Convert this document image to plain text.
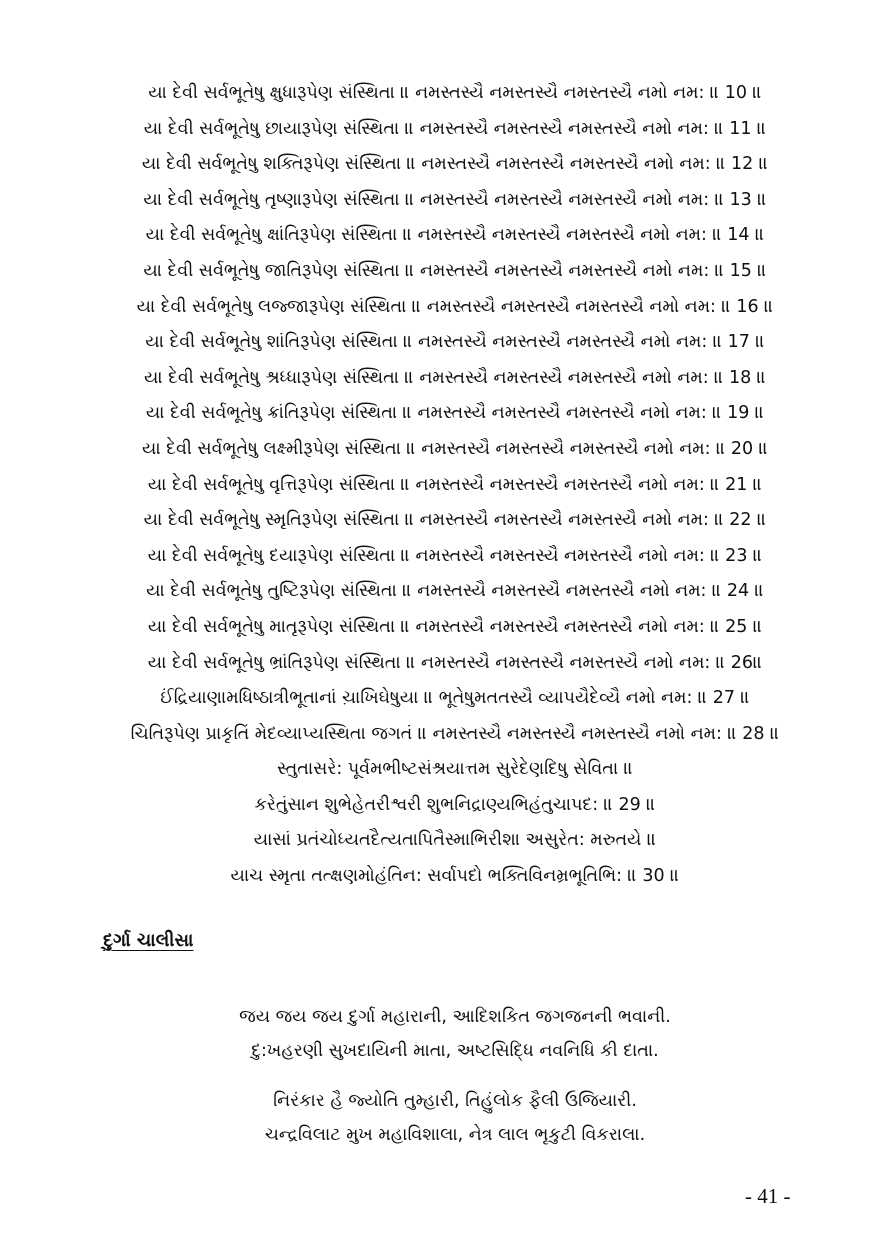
યા દેવી સર્વભૂતેષુ ક્ષુધારૂપેણ સંસ્થિતા ॥ નમસ્તસ્યૈ નમસ્તસ્યૈ નમસ્તસ્યૈ નમો નમ: ॥ 10 ॥
યા દેવી સર્વભૂતેષુ છાયારૂપેણ સંસ્થિતા ॥ નમસ્તસ્યૈ નમસ્તસ્યૈ નમસ્તસ્યૈ નમો નમ: ॥ 11 ॥
યા દેવી સર્વભૂતેષુ શક્તિરૂપેણ સંસ્થિતા ॥ નમસ્તસ્યૈ નમસ્તસ્યૈ નમસ્તસ્યૈ નમો નમ: ॥ 12 ॥
યા દેવી સર્વભૂતેષુ તૃષ્ણારૂપેણ સંસ્થિતા ॥ નમસ્તસ્યૈ નમસ્તસ્યૈ નમસ્તસ્યૈ નમો નમ: ॥ 13 ॥
યા દેવી સર્વભૂતેષુ ક્ષાંતિરૂપેણ સંસ્થિતા ॥ નમસ્તસ્યૈ નમસ્તસ્યૈ નમસ્તસ્યૈ નમો નમ: ॥ 14 ॥
યા દેવી સર્વભૂતેષુ જાતિરૂપેણ સંસ્થિતા ॥ નમસ્તસ્યૈ નમસ્તસ્યૈ નમસ્તસ્યૈ નમો નમ: ॥ 15 ॥
યા દેવી સર્વભૂતેષુ લજ્જારૂપેણ સંસ્થિતા ॥ નમસ્તસ્યૈ નમસ્તસ્યૈ નમસ્તસ્યૈ નમો નમ: ॥ 16 ॥
યા દેવી સર્વભૂતેષુ શાંતિરૂપેણ સંસ્થિતા ॥ નમસ્તસ્યૈ નમસ્તસ્યૈ નમસ્તસ્યૈ નમો નમ: ॥ 17 ॥
યા દેવી સર્વભૂતેષુ શ્રધ્ધારૂપેણ સંસ્થિતા ॥ નમસ્તસ્યૈ નમસ્તસ્યૈ નમસ્તસ્યૈ નમો નમ: ॥ 18 ॥
યા દેવી સર્વભૂતેષુ ક્રાંતિરૂપેણ સંસ્થિતા ॥ નમસ્તસ્યૈ નમસ્તસ્યૈ નમસ્તસ્યૈ નમો નમ: ॥ 19 ॥
યા દેવી સર્વભૂતેષુ લક્ષ્મીરૂપેણ સંસ્થિતા ॥ નમસ્તસ્યૈ નમસ્તસ્યૈ નમસ્તસ્યૈ નમો નમ: ॥ 20 ॥
યા દેવી સર્વભૂતેષુ વૃત્તિરૂપેણ સંસ્થિતા ॥ નમસ્તસ્યૈ નમસ્તસ્યૈ નમસ્તસ્યૈ નમો નમ: ॥ 21 ॥
યા દેવી સર્વભૂતેષુ સ્મૃતિરૂપેણ સંસ્થિતા ॥ નમસ્તસ્યૈ નમસ્તસ્યૈ નમસ્તસ્યૈ નમો નમ: ॥ 22 ॥
યા દેવી સર્વભૂતેષુ દયારૂપેણ સંસ્થિતા ॥ નમસ્તસ્યૈ નમસ્તસ્યૈ નમસ્તસ્યૈ નમો નમ: ॥ 23 ॥
યા દેવી સર્વભૂતેષુ તુષ્ટિરૂપેણ સંસ્થિતા ॥ નમસ્તસ્યૈ નમસ્તસ્યૈ નમસ્તસ્યૈ નમો નમ: ॥ 24 ॥
યા દેવી સર્વભૂતેષુ માતૃરૂપેણ સંસ્થિતા ॥ નમસ્તસ્યૈ નમસ્તસ્યૈ નમસ્તસ્યૈ નમો નમ: ॥ 25 ॥
યા દેવી સર્વભૂતેષુ ભ્રાંતિરૂપેણ સંસ્થિતા ॥ નમસ્તસ્યૈ નમસ્તસ્યૈ નમસ્તસ્યૈ નમો નમ: ॥ 26॥
ઈંદ્રિયાણામધિષ્ઠાત્રીભૂતાનાં ચાખિ઼ઘેષુયા ॥ ભૂતેષુમતતસ્યૈ વ્યાપયૈદેવ્યૈ નમો નમ: ॥ 27 ॥
ચિતિરૂપેણ પ્રાકૃતિં મેદવ્યાપ્યસ્થિતા જગતં ॥ નમસ્તસ્યૈ નમસ્તસ્યૈ નમસ્તસ્યૈ નમો નમ: ॥ 28 ॥
સ્તુતાસરે: પૂર્વમભીષ્ટસંશ્રયાત્તમ સુરેદેણદિષુ સેવિતા ॥
કરેતુંસાન શુભેહેતરીશ્વરી શુભનિદ્રાણ્યભિહંતુચાપદ: ॥ 29 ॥
યાસાં પ્રતંચોધ્યતદૈત્યતાપિતૈસ્માભિરીશા અસુરેત: મરુતયે ॥
યાચ સ્મૃતા તત્ક્ષણમોહંતિન: સર્વાપદો ભક્તિવિનમ્રભૂતિભિ: ॥ 30 ॥
દુર્ગા ચાલીસા
જય જય જય દુર્ગા મહારાની, આદિશકિત જગજનની ભવાની.
દુ:ખહરણી સુખદાયિની માતા, અષ્ટસિદ્ધિ નવનિધિ કી દાતા.
નિરંકાર હૈ જ્યોતિ તુમ્હારી, તિહુંલોક ફૈલી ઉજિયારી.
ચન્દ્રવિલાટ મુખ મહાવિશાલા, નેત્ર લાલ ભૃકુટી વિકરાલા.
- 41 -
